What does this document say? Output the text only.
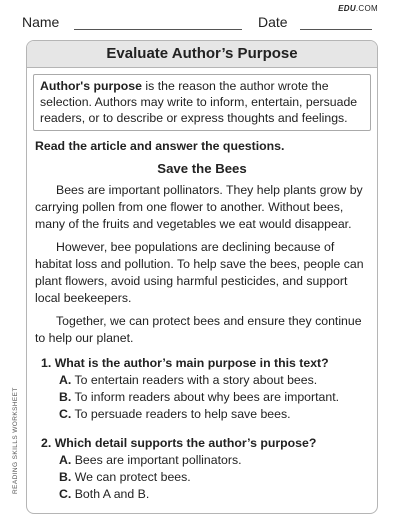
Name	Date
EDU.COM
Evaluate Author’s Purpose
Author's purpose is the reason the author wrote the selection. Authors may write to inform, entertain, persuade readers, or to describe or express thoughts and feelings.
Read the article and answer the questions.
Save the Bees

Bees are important pollinators. They help plants grow by carrying pollen from one flower to another. Without bees, many of the fruits and vegetables we eat would disappear.

However, bee populations are declining because of habitat loss and pollution. To help save the bees, people can plant flowers, avoid using harmful pesticides, and support local beekeepers.

Together, we can protect bees and ensure they continue to help our planet.

1. What is the author’s main purpose in this text?
A. To entertain readers with a story about bees.
B. To inform readers about why bees are important.
C. To persuade readers to help save bees.
2. Which detail supports the author’s purpose?
A. Bees are important pollinators.
B. We can protect bees.
C. Both A and B.
READING SKILLS WORKSHEET
